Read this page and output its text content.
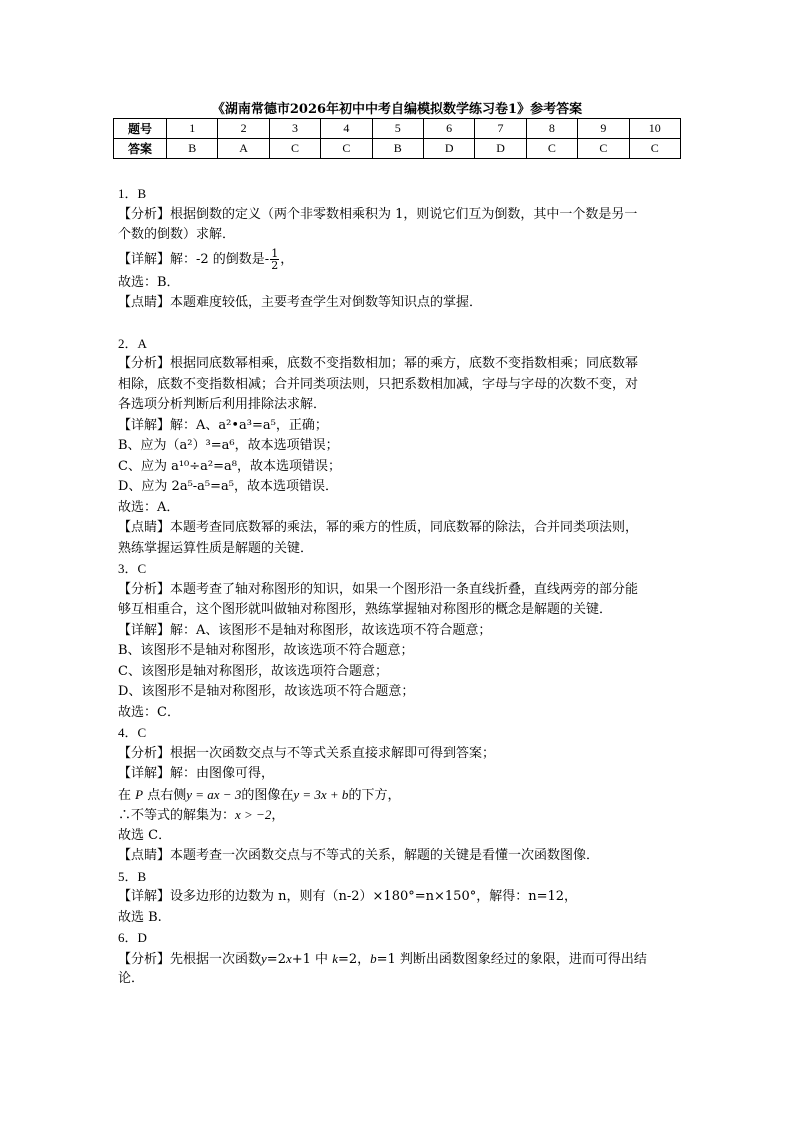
《湖南常德市2026年初中中考自编模拟数学练习卷1》参考答案
题号	1	2	3	4	5	6	7	8	9	10
答案	B	A	C	C	B	D	D	C	C	C
1．B
【分析】根据倒数的定义（两个非零数相乘积为 1，则说它们互为倒数，其中一个数是另一
个数的倒数）求解．
【详解】解：-2 的倒数是- $\frac{1}{2}$ ，
故选：B．
【点睛】本题难度较低，主要考查学生对倒数等知识点的掌握．
2．A
【分析】根据同底数幂相乘，底数不变指数相加；幂的乘方，底数不变指数相乘；同底数幂
相除，底数不变指数相减；合并同类项法则，只把系数相加减，字母与字母的次数不变，对
各选项分析判断后利用排除法求解．
【详解】解：A、a²•a³=a⁵，正确；
B、应为（a²）³=a⁶，故本选项错误；
C、应为 a¹⁰÷a²=a⁸，故本选项错误；
D、应为 2a⁵-a⁵=a⁵，故本选项错误．
故选：A．
【点睛】本题考查同底数幂的乘法，幂的乘方的性质，同底数幂的除法，合并同类项法则，
熟练掌握运算性质是解题的关键．
3．C
【分析】本题考查了轴对称图形的知识，如果一个图形沿一条直线折叠，直线两旁的部分能
够互相重合，这个图形就叫做轴对称图形，熟练掌握轴对称图形的概念是解题的关键．
【详解】解：A、该图形不是轴对称图形，故该选项不符合题意；
B、该图形不是轴对称图形，故该选项不符合题意；
C、该图形是轴对称图形，故该选项符合题意；
D、该图形不是轴对称图形，故该选项不符合题意；
故选：C．
4．C
【分析】根据一次函数交点与不等式关系直接求解即可得到答案；
【详解】解：由图像可得，
在 P 点右侧y = ax − 3的图像在y = 3x + b的下方，
∴不等式的解集为：x > −2，
故选 C．
【点睛】本题考查一次函数交点与不等式的关系，解题的关键是看懂一次函数图像．
5．B
【详解】设多边形的边数为 n，则有（n-2）×180°=n×150°，解得：n=12，
故选 B.
6．D
【分析】先根据一次函数y=2x+1 中 k=2，b=1 判断出函数图象经过的象限，进而可得出结
论．
